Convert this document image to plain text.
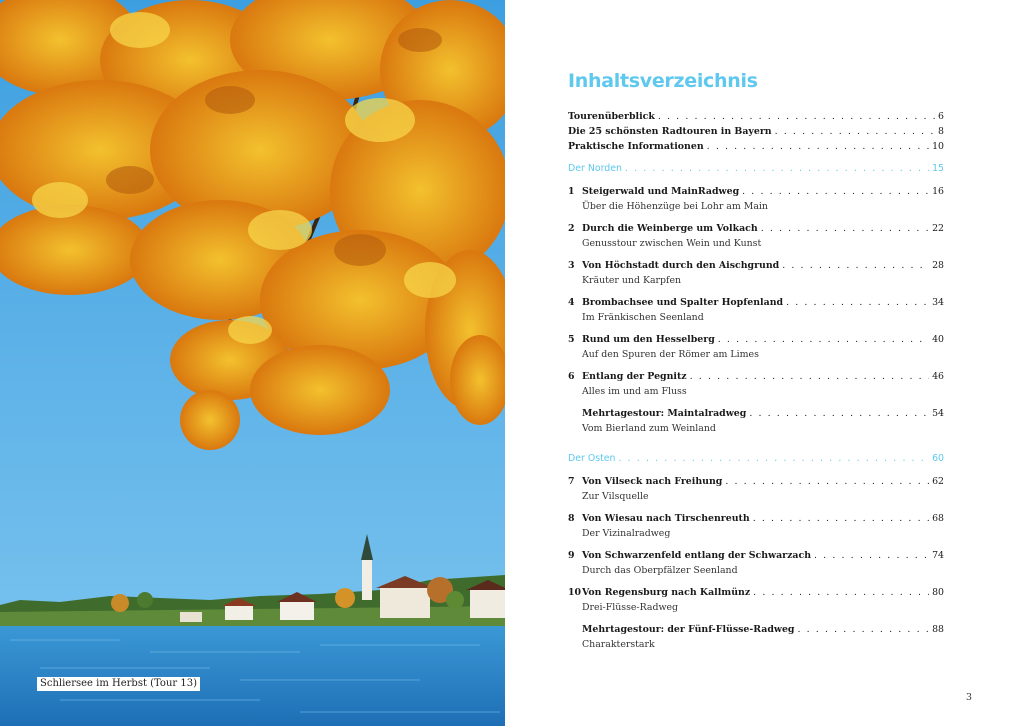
Schliersee im Herbst (Tour 13)
Inhaltsverzeichnis
Tourenüberblick . . .	6
Die 25 schönsten Radtouren in Bayern . . .	8
Praktische Informationen . . .	10
Der Norden . . .	15
1 Steigerwald und MainRadweg . . .	16
Über die Höhenzüge bei Lohr am Main
2 Durch die Weinberge um Volkach . . .	22
Genusstour zwischen Wein und Kunst
3 Von Höchstadt durch den Aischgrund . . .	28
Kräuter und Karpfen
4 Brombachsee und Spalter Hopfenland . . .	34
Im Fränkischen Seenland
5 Rund um den Hesselberg . . .	40
Auf den Spuren der Römer am Limes
6 Entlang der Pegnitz . . .	46
Alles im und am Fluss
Mehrtagestour: Maintalradweg . . .	54
Vom Bierland zum Weinland
Der Osten . . .	60
7 Von Vilseck nach Freihung . . .	62
Zur Vilsquelle
8 Von Wiesau nach Tirschenreuth . . .	68
Der Vizinalradweg
9 Von Schwarzenfeld entlang der Schwarzach . . .	74
Durch das Oberpfälzer Seenland
10 Von Regensburg nach Kallmünz . . .	80
Drei-Flüsse-Radweg
Mehrtagestour: der Fünf-Flüsse-Radweg . . .	88
Charakterstark
3
